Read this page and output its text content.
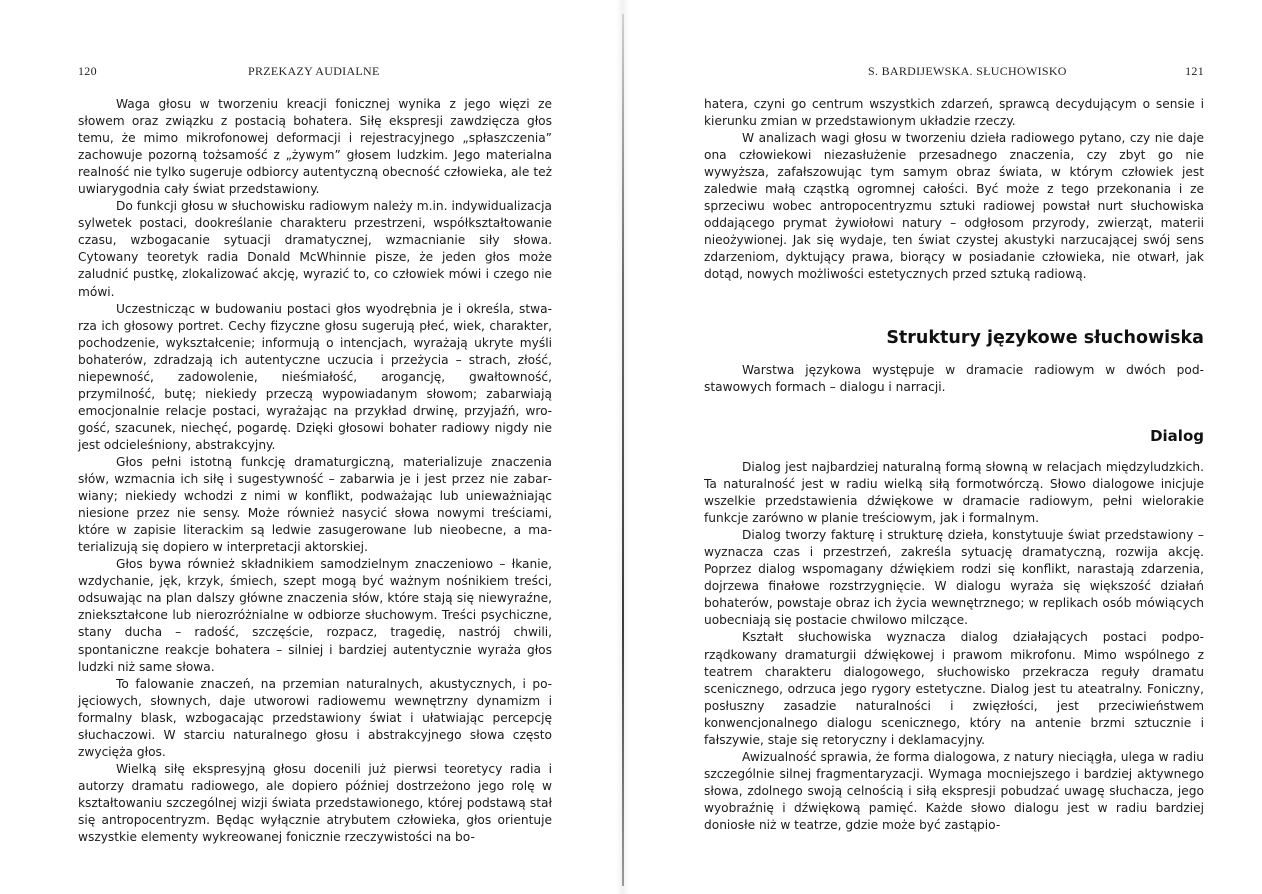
120	PRZEKAZY AUDIALNE

Waga głosu w tworzeniu kreacji fonicznej wynika z jego więzi ze słowem oraz związku z postacią bohatera. Siłę ekspresji zawdzięcza głos temu, że mimo mikrofonowej deformacji i rejestracyjnego „spłaszczenia” zachowuje pozorną tożsamość z „żywym” głosem ludzkim. Jego materialna realność nie tylko sugeruje odbiorcy autentyczną obecność człowieka, ale też uwiarygodnia cały świat przedstawiony.

Do funkcji głosu w słuchowisku radiowym należy m.in. indywidualizacja sylwetek postaci, dookreślanie charakteru przestrzeni, współkształtowanie czasu, wzbogacanie sytuacji dramatycznej, wzmacnianie siły słowa. Cytowany teoretyk radia Donald McWhinnie pisze, że jeden głos może zaludnić pustkę, zlokalizować akcję, wyrazić to, co człowiek mówi i czego nie mówi.

Uczestnicząc w budowaniu postaci głos wyodrębnia je i określa, stwarza ich głosowy portret. Cechy fizyczne głosu sugerują płeć, wiek, charakter, pochodzenie, wykształcenie; informują o intencjach, wyrażają ukryte myśli bohaterów, zdradzają ich autentyczne uczucia i przeżycia – strach, złość, niepewność, zadowolenie, nieśmiałość, arogancję, gwałtowność, przymilność, butę; niekiedy przeczą wypowiadanym słowom; zabarwiają emocjonalnie relacje postaci, wyrażając na przykład drwinę, przyjaźń, wrogość, szacunek, niechęć, pogardę. Dzięki głosowi bohater radiowy nigdy nie jest odcieleśniony, abstrakcyjny.

Głos pełni istotną funkcję dramaturgiczną, materializuje znaczenia słów, wzmacnia ich siłę i sugestywność – zabarwia je i jest przez nie zabarwiany; niekiedy wchodzi z nimi w konflikt, podważając lub unieważniając niesione przez nie sensy. Może również nasycić słowa nowymi treściami, które w zapisie literackim są ledwie zasugerowane lub nieobecne, a materializują się dopiero w interpretacji aktorskiej.

Głos bywa również składnikiem samodzielnym znaczeniowo – łkanie, wzdychanie, jęk, krzyk, śmiech, szept mogą być ważnym nośnikiem treści, odsuwając na plan dalszy główne znaczenia słów, które stają się niewyraźne, zniekształcone lub nierozróżnialne w odbiorze słuchowym. Treści psychiczne, stany ducha – radość, szczęście, rozpacz, tragedię, nastrój chwili, spontaniczne reakcje bohatera – silniej i bardziej autentycznie wyraża głos ludzki niż same słowa.

To falowanie znaczeń, na przemian naturalnych, akustycznych, i pojęciowych, słownych, daje utworowi radiowemu wewnętrzny dynamizm i formalny blask, wzbogacając przedstawiony świat i ułatwiając percepcję słuchaczowi. W starciu naturalnego głosu i abstrakcyjnego słowa często zwycięża głos.

Wielką siłę ekspresyjną głosu docenili już pierwsi teoretycy radia i autorzy dramatu radiowego, ale dopiero później dostrzeżono jego rolę w kształtowaniu szczególnej wizji świata przedstawionego, której podstawą stał się antropocentryzm. Będąc wyłącznie atrybutem człowieka, głos orientuje wszystkie elementy wykreowanej fonicznie rzeczywistości na bo-

S. BARDIJEWSKA. SŁUCHOWISKO	121

hatera, czyni go centrum wszystkich zdarzeń, sprawcą decydującym o sensie i kierunku zmian w przedstawionym układzie rzeczy.

W analizach wagi głosu w tworzeniu dzieła radiowego pytano, czy nie daje ona człowiekowi niezasłużenie przesadnego znaczenia, czy zbyt go nie wywyższa, zafałszowując tym samym obraz świata, w którym człowiek jest zaledwie małą cząstką ogromnej całości. Być może z tego przekonania i ze sprzeciwu wobec antropocentryzmu sztuki radiowej powstał nurt słuchowiska oddającego prymat żywiołowi natury – odgłosom przyrody, zwierząt, materii nieożywionej. Jak się wydaje, ten świat czystej akustyki narzucającej swój sens zdarzeniom, dyktujący prawa, biorący w posiadanie człowieka, nie otwarł, jak dotąd, nowych możliwości estetycznych przed sztuką radiową.

Struktury językowe słuchowiska

Warstwa językowa występuje w dramacie radiowym w dwóch podstawowych formach – dialogu i narracji.

Dialog

Dialog jest najbardziej naturalną formą słowną w relacjach międzyludzkich. Ta naturalność jest w radiu wielką siłą formotwórczą. Słowo dialogowe inicjuje wszelkie przedstawienia dźwiękowe w dramacie radiowym, pełni wielorakie funkcje zarówno w planie treściowym, jak i formalnym.

Dialog tworzy fakturę i strukturę dzieła, konstytuuje świat przedstawiony – wyznacza czas i przestrzeń, zakreśla sytuację dramatyczną, rozwija akcję. Poprzez dialog wspomagany dźwiękiem rodzi się konflikt, narastają zdarzenia, dojrzewa finałowe rozstrzygnięcie. W dialogu wyraża się większość działań bohaterów, powstaje obraz ich życia wewnętrznego; w replikach osób mówiących uobecniają się postacie chwilowo milczące.

Kształt słuchowiska wyznacza dialog działających postaci podporządkowany dramaturgii dźwiękowej i prawom mikrofonu. Mimo wspólnego z teatrem charakteru dialogowego, słuchowisko przekracza reguły dramatu scenicznego, odrzuca jego rygory estetyczne. Dialog jest tu ateatralny. Foniczny, posłuszny zasadzie naturalności i zwięzłości, jest przeciwieństwem konwencjonalnego dialogu scenicznego, który na antenie brzmi sztucznie i fałszywie, staje się retoryczny i deklamacyjny.

Awizualność sprawia, że forma dialogowa, z natury nieciągła, ulega w radiu szczególnie silnej fragmentaryzacji. Wymaga mocniejszego i bardziej aktywnego słowa, zdolnego swoją celnością i siłą ekspresji pobudzać uwagę słuchacza, jego wyobraźnię i dźwiękową pamięć. Każde słowo dialogu jest w radiu bardziej doniosłe niż w teatrze, gdzie może być zastąpio-
